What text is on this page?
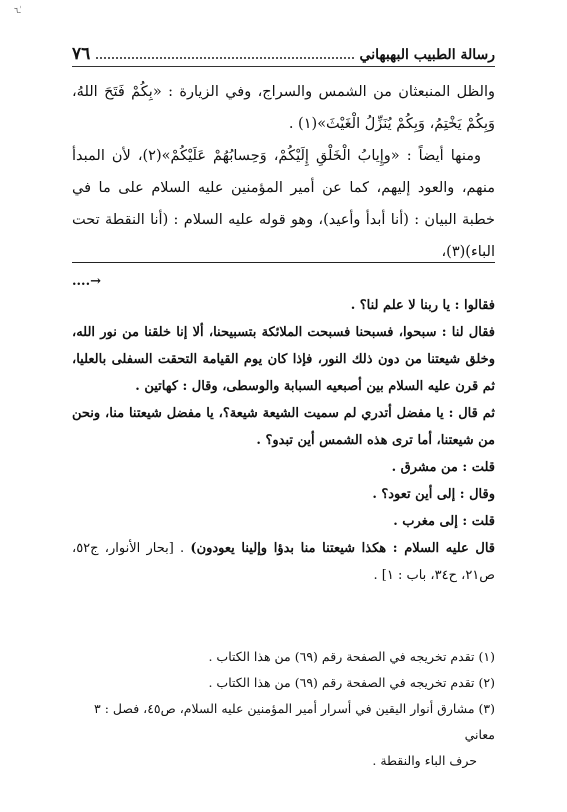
ـ٦ٰ
٧٦	رسالة الطبيب البهبهاني

والظل المنبعثان من الشمس والسراج، وفي الزيارة : «بِكُمْ فَتَحَ اللهُ، وَبِكُمْ يَخْتِمُ، وَبِكُمْ يُنَزِّلُ الْغَيْثَ»(١) .

ومنها أيضاً : «وإِيابُ الْخَلْقِ إِلَيْكُمْ، وَحِسابُهُمْ عَلَيْكُمْ»(٢)، لأن المبدأ منهم، والعود إليهم، كما عن أمير المؤمنين عليه السلام على ما في خطبة البيان : (أنا أبدأ وأعيد)، وهو قوله عليه السلام : (أنا النقطة تحت الباء)(٣)،

....→

فقالوا : يا ربنا لا علم لنا؟ .

فقال لنا : سبحوا، فسبحنا فسبحت الملائكة بتسبيحنا، ألا إنا خلقنا من نور الله، وخلق شيعتنا من دون ذلك النور، فإذا كان يوم القيامة التحقت السفلى بالعليا، ثم قرن عليه السلام بين أصبعيه السبابة والوسطى، وقال : كهاتين .

ثم قال : يا مفضل أتدري لم سميت الشيعة شيعة؟، يا مفضل شيعتنا منا، ونحن من شيعتنا، أما ترى هذه الشمس أين تبدو؟ .

قلت : من مشرق .

وقال : إلى أين تعود؟ .

قلت : إلى مغرب .

قال عليه السلام : هكذا شيعتنا منا بدؤا وإلينا يعودون) . [بحار الأنوار، ج٥٢، ص٢١، ح٣٤، باب : ١] .

(١) تقدم تخريجه في الصفحة رقم (٦٩) من هذا الكتاب .

(٢) تقدم تخريجه في الصفحة رقم (٦٩) من هذا الكتاب .

(٣) مشارق أنوار اليقين في أسرار أمير المؤمنين عليه السلام، ص٤٥، فصل : ٣ معاني

حرف الباء والنقطة .
